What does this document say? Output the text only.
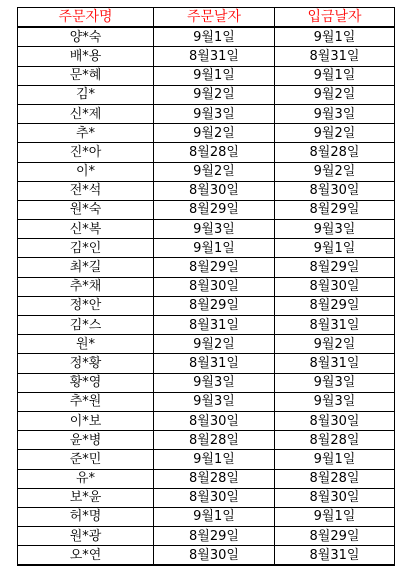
주문자명	주문날자	입금날자
양*숙	9월1일	9월1일
배*용	8월31일	8월31일
문*혜	9월1일	9월1일
김*	9월2일	9월2일
신*제	9월3일	9월3일
추*	9월2일	9월2일
진*아	8월28일	8월28일
이*	9월2일	9월2일
전*석	8월30일	8월30일
원*숙	8월29일	8월29일
신*복	9월3일	9월3일
김*인	9월1일	9월1일
최*길	8월29일	8월29일
추*채	8월30일	8월30일
정*안	8월29일	8월29일
김*스	8월31일	8월31일
원*	9월2일	9월2일
정*황	8월31일	8월31일
황*영	9월3일	9월3일
추*원	9월3일	9월3일
이*보	8월30일	8월30일
윤*병	8월28일	8월28일
준*민	9월1일	9월1일
유*	8월28일	8월28일
보*윤	8월30일	8월30일
허*명	9월1일	9월1일
원*광	8월29일	8월29일
오*연	8월30일	8월31일
